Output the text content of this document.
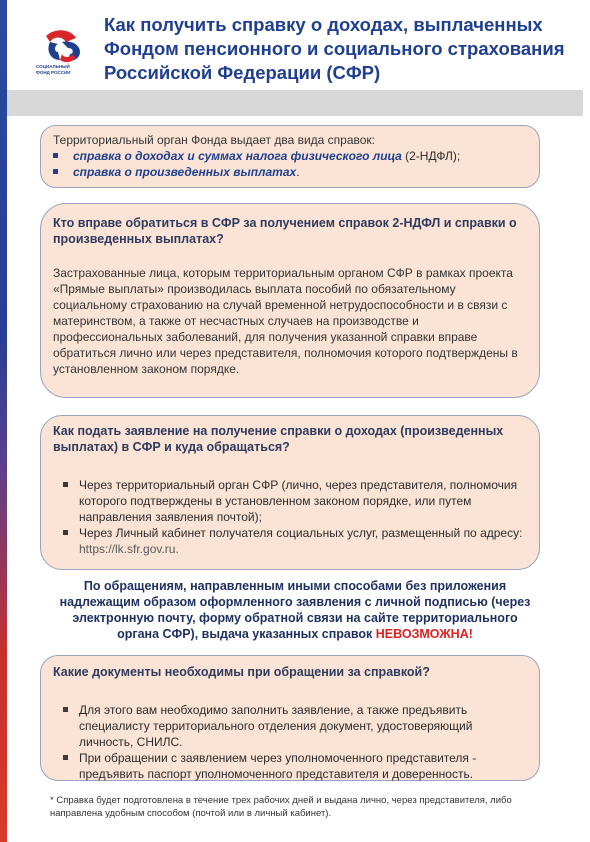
СОЦИАЛЬНЫЙ
ФОНД РОССИИ
Как получить справку о доходах, выплаченных Фондом пенсионного и социального страхования Российской Федерации (СФР)
Территориальный орган Фонда выдает два вида справок:
справка о доходах и суммах налога физического лица (2-НДФЛ);
справка о произведенных выплатах.
Кто вправе обратиться в СФР за получением справок 2-НДФЛ и справки о произведенных выплатах?
Застрахованные лица, которым территориальным органом СФР в рамках проекта «Прямые выплаты» производилась выплата пособий по обязательному социальному страхованию на случай временной нетрудоспособности и в связи с материнством, а также от несчастных случаев на производстве и профессиональных заболеваний, для получения указанной справки вправе обратиться лично или через представителя, полномочия которого подтверждены в установленном законом порядке.
Как подать заявление на получение справки о доходах (произведенных выплатах) в СФР и куда обращаться?
Через территориальный орган СФР (лично, через представителя, полномочия которого подтверждены в установленном законом порядке, или путем направления заявления почтой);
Через Личный кабинет получателя социальных услуг, размещенный по адресу: https://lk.sfr.gov.ru.
По обращениям, направленным иными способами без приложения надлежащим образом оформленного заявления с личной подписью (через электронную почту, форму обратной связи на сайте территориального органа СФР), выдача указанных справок НЕВОЗМОЖНА!
Какие документы необходимы при обращении за справкой?
Для этого вам необходимо заполнить заявление, а также предъявить специалисту территориального отделения документ, удостоверяющий личность, СНИЛС.
При обращении с заявлением через уполномоченного представителя - предъявить паспорт уполномоченного представителя и доверенность.
* Справка будет подготовлена в течение трех рабочих дней и выдана лично, через представителя, либо направлена удобным способом (почтой или в личный кабинет).
